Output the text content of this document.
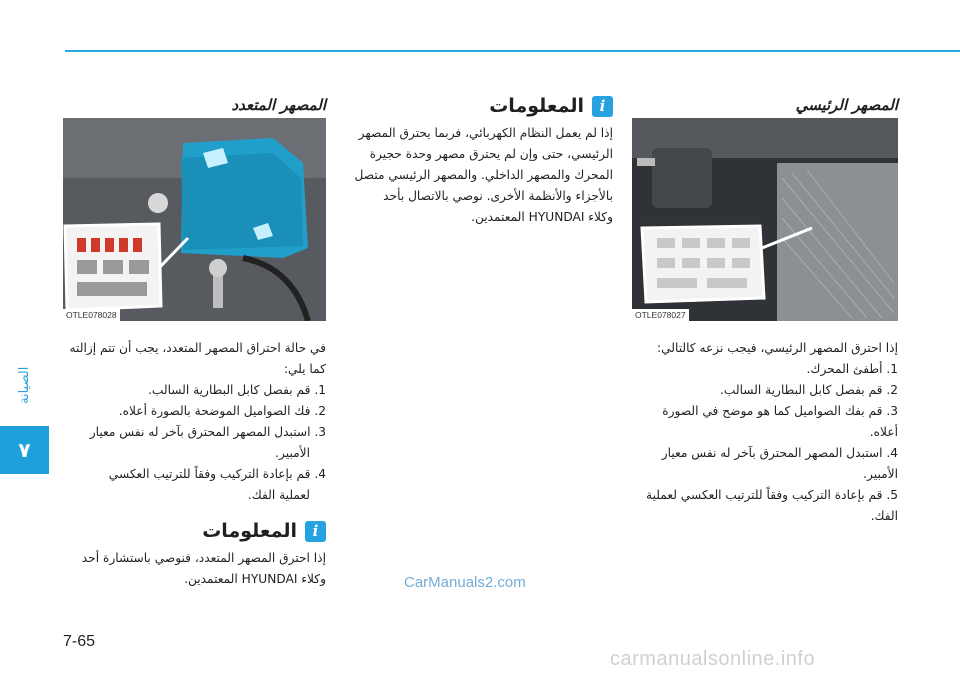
الصيانة
٧
المصهر الرئيسي
OTLE078027

إذا احترق المصهر الرئيسي، فيجب نزعه كالتالي:

1. أطفئ المحرك.
2. قم بفصل كابل البطارية السالب.
3. قم بفك الصواميل كما هو موضح في الصورة أعلاه.
4. استبدل المصهر المحترق بآخر له نفس معيار الأمبير.
5. قم بإعادة التركيب وفقاً للترتيب العكسي لعملية الفك.
i
المعلومات

إذا لم يعمل النظام الكهربائي، فربما يحترق المصهر

الرئيسي، حتى وإن لم يحترق مصهر وحدة حجيرة

المحرك والمصهر الداخلي. والمصهر الرئيسي متصل

بالأجزاء والأنظمة الأخرى. نوصي بالاتصال بأحد

وكلاء HYUNDAI المعتمدين.

المصهر المتعدد
OTLE078028

في حالة احتراق المصهر المتعدد، يجب أن تتم إزالته

كما يلي:

1. قم بفصل كابل البطارية السالب.
2. فك الصواميل الموضحة بالصورة أعلاه.
3. استبدل المصهر المحترق بآخر له نفس معيار
الأمبير.
4. قم بإعادة التركيب وفقاً للترتيب العكسي
لعملية الفك.
i
المعلومات

إذا احترق المصهر المتعدد، فنوصي باستشارة أحد

وكلاء HYUNDAI المعتمدين.	CarManuals2.com
7-65
carmanualsonline.info
